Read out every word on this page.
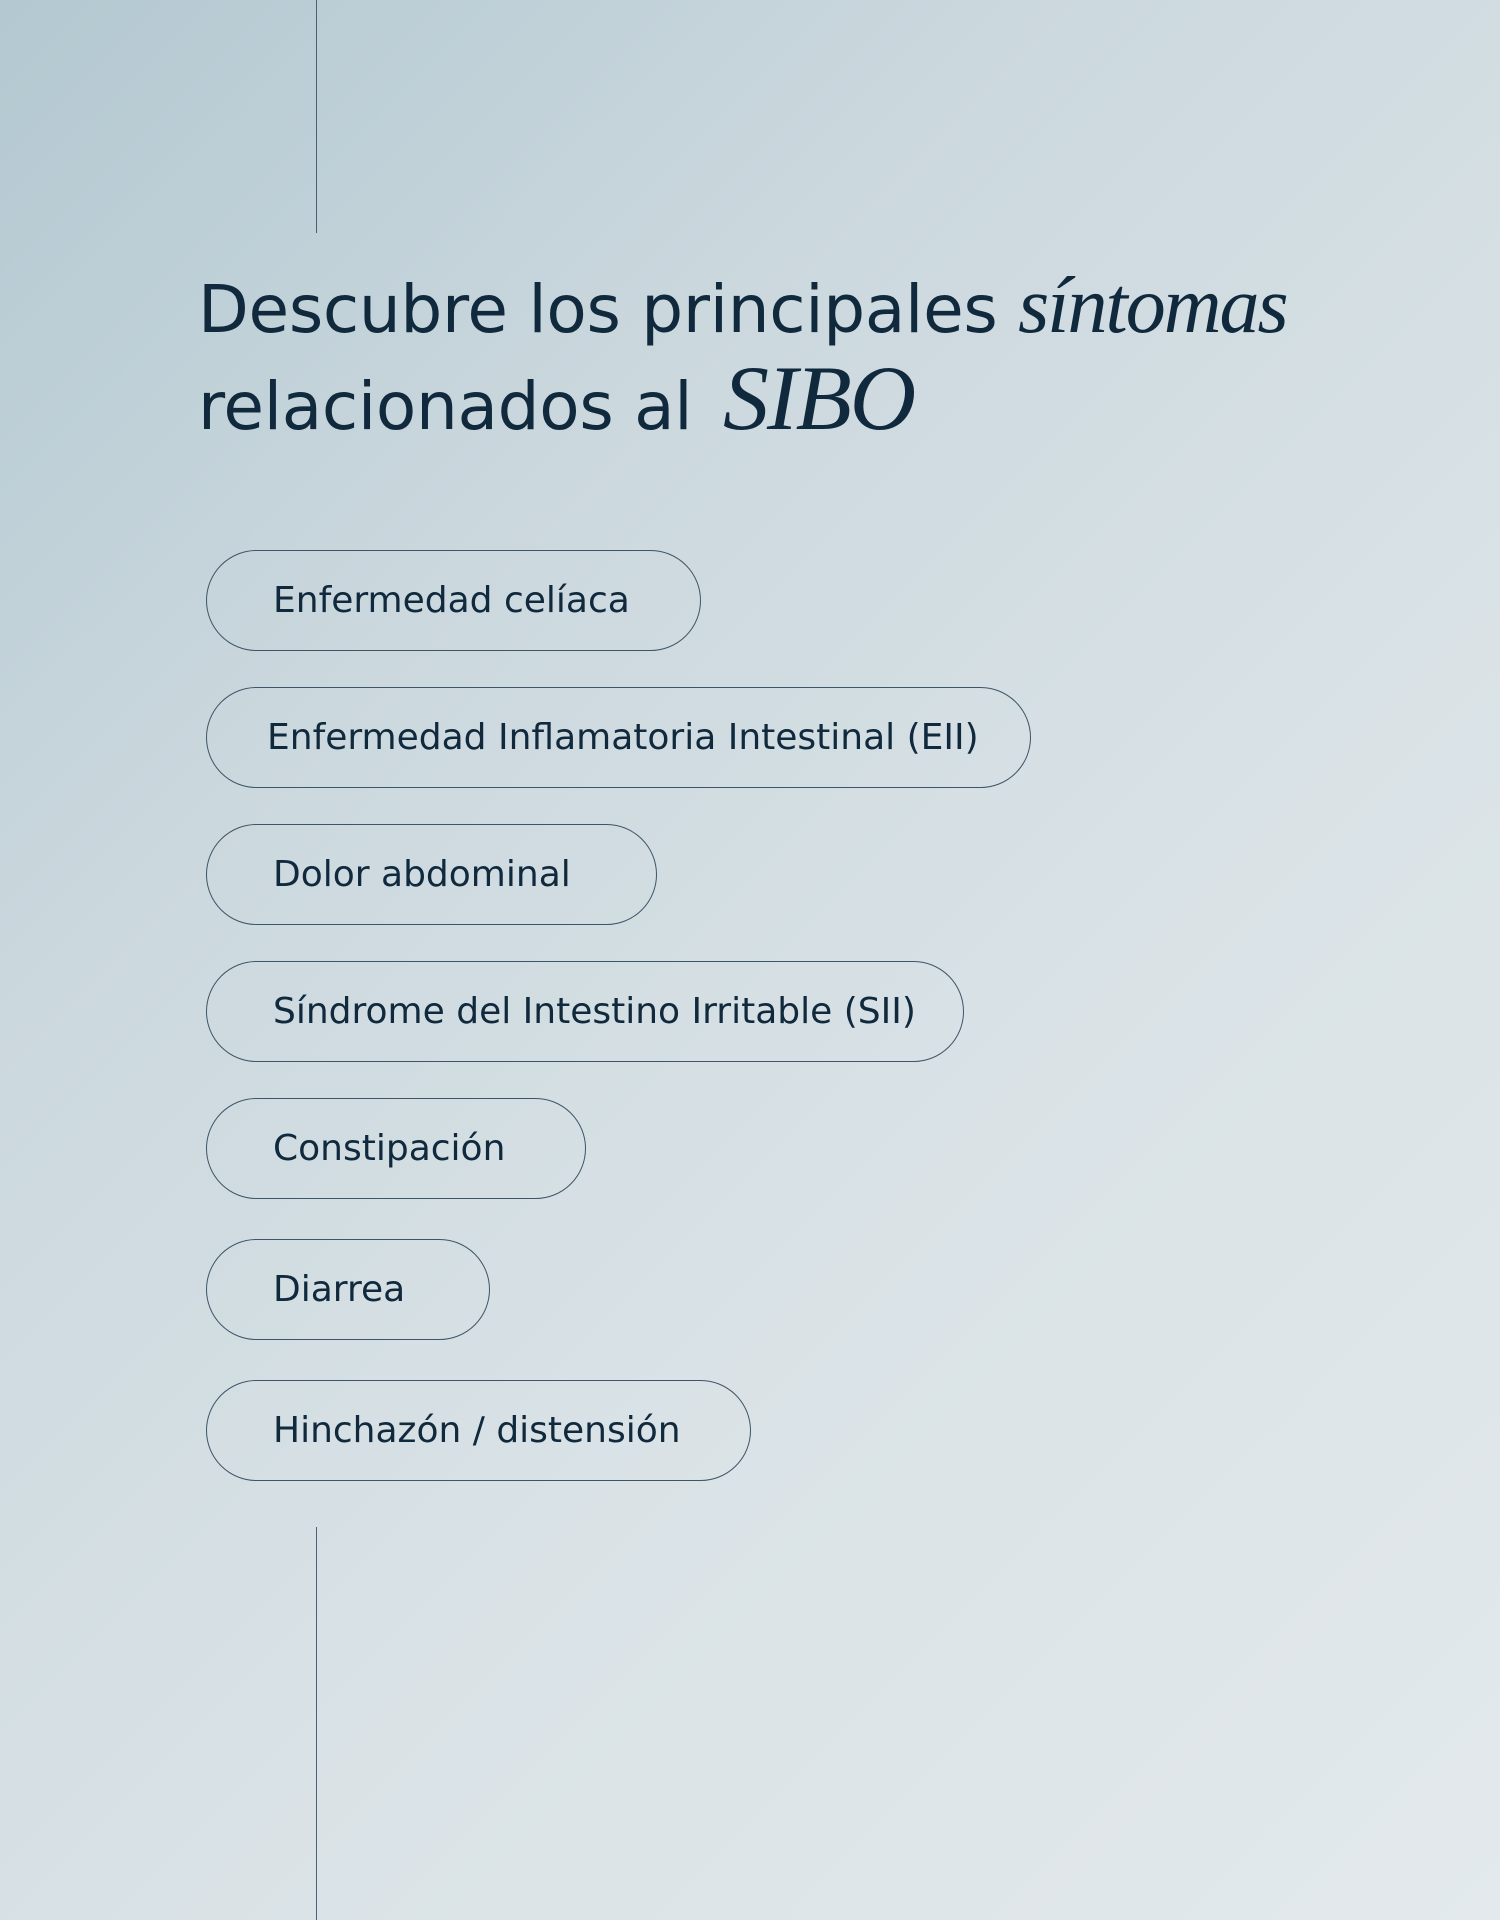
Descubre los principales síntomas
relacionados al SIBO
Enfermedad celíaca
Enfermedad Inflamatoria Intestinal (EII)
Dolor abdominal
Síndrome del Intestino Irritable (SII)
Constipación
Diarrea
Hinchazón / distensión
